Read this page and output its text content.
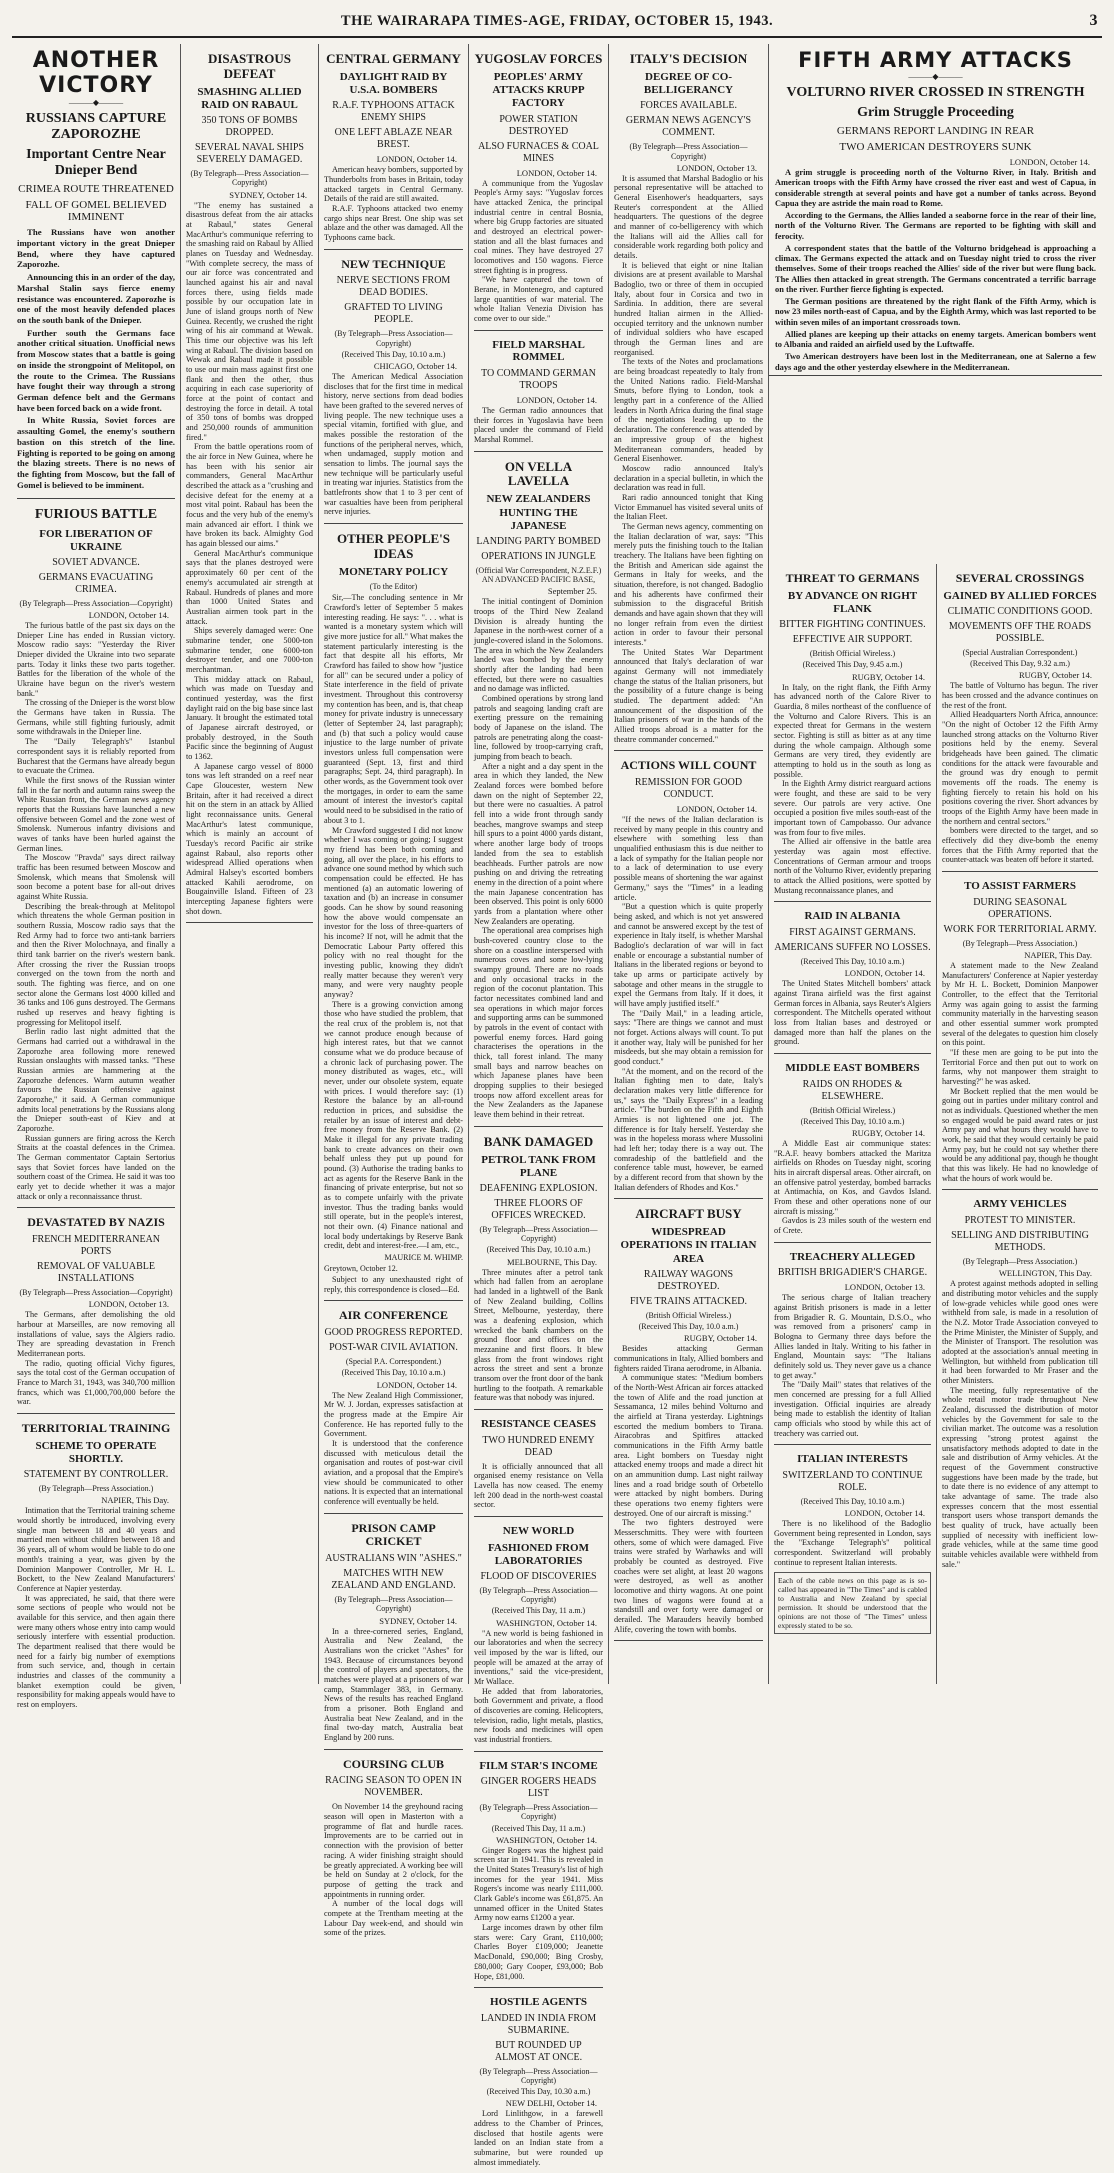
THE WAIRARAPA TIMES-AGE, FRIDAY, OCTOBER 15, 1943.	3
ANOTHER VICTORY
———◆———
RUSSIANS CAPTURE ZAPOROZHE
Important Centre Near Dnieper Bend
CRIMEA ROUTE THREATENED
FALL OF GOMEL BELIEVED IMMINENT

The Russians have won another important victory in the great Dnieper Bend, where they have captured Zaporozhe.

Announcing this in an order of the day, Marshal Stalin says fierce enemy resistance was encountered. Zaporozhe is one of the most heavily defended places on the south bank of the Dnieper.

Further south the Germans face another critical situation. Unofficial news from Moscow states that a battle is going on inside the strongpoint of Melitopol, on the route to the Crimea. The Russians have fought their way through a strong German defence belt and the Germans have been forced back on a wide front.

In White Russia, Soviet forces are assaulting Gomel, the enemy's southern bastion on this stretch of the line. Fighting is reported to be going on among the blazing streets. There is no news of the fighting from Moscow, but the fall of Gomel is believed to be imminent.

FURIOUS BATTLE
FOR LIBERATION OF UKRAINE
SOVIET ADVANCE.
GERMANS EVACUATING CRIMEA.
(By Telegraph—Press Association—Copyright)
LONDON, October 14.

The furious battle of the past six days on the Dnieper Line has ended in Russian victory. Moscow radio says: "Yesterday the River Dnieper divided the Ukraine into two separate parts. Today it links these two parts together. Battles for the liberation of the whole of the Ukraine have begun on the river's western bank."

The crossing of the Dnieper is the worst blow the Germans have taken in Russia. The Germans, while still fighting furiously, admit some withdrawals in the Dnieper line.

The "Daily Telegraph's" Istanbul correspondent says it is reliably reported from Bucharest that the Germans have already begun to evacuate the Crimea.

While the first snows of the Russian winter fall in the far north and autumn rains sweep the White Russian front, the German news agency reports that the Russians have launched a new offensive between Gomel and the zone west of Smolensk. Numerous infantry divisions and waves of tanks have been hurled against the German lines.

The Moscow "Pravda" says direct railway traffic has been resumed between Moscow and Smolensk, which means that Smolensk will soon become a potent base for all-out drives against White Russia.

Describing the break-through at Melitopol which threatens the whole German position in southern Russia, Moscow radio says that the Red Army had to force two anti-tank barriers and then the River Molochnaya, and finally a third tank barrier on the river's western bank. After crossing the river the Russian troops converged on the town from the north and south. The fighting was fierce, and on one sector alone the Germans lost 4000 killed and 36 tanks and 106 guns destroyed. The Germans rushed up reserves and heavy fighting is progressing for Melitopol itself.

Berlin radio last night admitted that the Germans had carried out a withdrawal in the Zaporozhe area following more renewed Russian onslaughts with massed tanks. "These Russian armies are hammering at the Zaporozhe defences. Warm autumn weather favours the Russian offensive against Zaporozhe," it said. A German communique admits local penetrations by the Russians along the Dnieper south-east of Kiev and at Zaporozhe.

Russian gunners are firing across the Kerch Straits at the coastal defences in the Crimea. The German commentator Captain Sertorius says that Soviet forces have landed on the southern coast of the Crimea. He said it was too early yet to decide whether it was a major attack or only a reconnaissance thrust.

DEVASTATED BY NAZIS
FRENCH MEDITERRANEAN PORTS
REMOVAL OF VALUABLE INSTALLATIONS
(By Telegraph—Press Association—Copyright)
LONDON, October 13.

The Germans, after demolishing the old harbour at Marseilles, are now removing all installations of value, says the Algiers radio. They are spreading devastation in French Mediterranean ports.

The radio, quoting official Vichy figures, says the total cost of the German occupation of France to March 31, 1943, was 340,700 million francs, which was £1,000,700,000 before the war.

TERRITORIAL TRAINING
SCHEME TO OPERATE SHORTLY.
STATEMENT BY CONTROLLER.
(By Telegraph—Press Association.)
NAPIER, This Day.

Intimation that the Territorial training scheme would shortly be introduced, involving every single man between 18 and 40 years and married men without children between 18 and 36 years, all of whom would be liable to do one month's training a year, was given by the Dominion Manpower Controller, Mr H. L. Bockett, to the New Zealand Manufacturers' Conference at Napier yesterday.

It was appreciated, he said, that there were some sections of people who would not be available for this service, and then again there were many others whose entry into camp would seriously interfere with essential production. The department realised that there would be need for a fairly big number of exemptions from such service, and, though in certain industries and classes of the community a blanket exemption could be given, responsibility for making appeals would have to rest on employers.

DISASTROUS DEFEAT
SMASHING ALLIED RAID ON RABAUL
350 TONS OF BOMBS DROPPED.
SEVERAL NAVAL SHIPS SEVERELY DAMAGED.
(By Telegraph—Press Association—Copyright)
SYDNEY, October 14.

"The enemy has sustained a disastrous defeat from the air attacks at Rabaul," states General MacArthur's communique referring to the smashing raid on Rabaul by Allied planes on Tuesday and Wednesday. "With complete secrecy, the mass of our air force was concentrated and launched against his air and naval forces there, using fields made possible by our occupation late in June of island groups north of New Guinea. Recently, we crushed the right wing of his air command at Wewak. This time our objective was his left wing at Rabaul. The division based on Wewak and Rabaul made it possible to use our main mass against first one flank and then the other, thus acquiring in each case superiority of force at the point of contact and destroying the force in detail. A total of 350 tons of bombs was dropped and 250,000 rounds of ammunition fired."

From the battle operations room of the air force in New Guinea, where he has been with his senior air commanders, General MacArthur described the attack as a "crushing and decisive defeat for the enemy at a most vital point. Rabaul has been the focus and the very hub of the enemy's main advanced air effort. I think we have broken its back. Almighty God has again blessed our aims."

General MacArthur's communique says that the planes destroyed were approximately 60 per cent of the enemy's accumulated air strength at Rabaul. Hundreds of planes and more than 1000 United States and Australian airmen took part in the attack.

Ships severely damaged were: One submarine tender, one 5000-ton submarine tender, one 6000-ton destroyer tender, and one 7000-ton merchantman.

This midday attack on Rabaul, which was made on Tuesday and continued yesterday, was the first daylight raid on the big base since last January. It brought the estimated total of Japanese aircraft destroyed, or probably destroyed, in the South Pacific since the beginning of August to 1362.

A Japanese cargo vessel of 8000 tons was left stranded on a reef near Cape Gloucester, western New Britain, after it had received a direct hit on the stern in an attack by Allied light reconnaissance units. General MacArthur's latest communique, which is mainly an account of Tuesday's record Pacific air strike against Rabaul, also reports other widespread Allied operations when Admiral Halsey's escorted bombers attacked Kahili aerodrome, on Bougainville Island. Fifteen of 23 intercepting Japanese fighters were shot down.

YUGOSLAV FORCES
PEOPLES' ARMY ATTACKS KRUPP FACTORY
POWER STATION DESTROYED
ALSO FURNACES & COAL MINES
LONDON, October 14.

A communique from the Yugoslav People's Army says: "Yugoslav forces have attacked Zenica, the principal industrial centre in central Bosnia, where big Grupp factories are situated and destroyed an electrical power-station and all the blast furnaces and coal mines. They have destroyed 27 locomotives and 150 wagons. Fierce street fighting is in progress.

"We have captured the town of Berane, in Montenegro, and captured large quantities of war material. The whole Italian Venezia Division has come over to our side."

FIELD MARSHAL ROMMEL
TO COMMAND GERMAN TROOPS
LONDON, October 14.

The German radio announces that their forces in Yugoslavia have been placed under the command of Field Marshal Rommel.

ON VELLA LAVELLA
NEW ZEALANDERS HUNTING THE JAPANESE
LANDING PARTY BOMBED
OPERATIONS IN JUNGLE
(Official War Correspondent, N.Z.E.F.) AN ADVANCED PACIFIC BASE,
September 25.

The initial contingent of Dominion troops of the Third New Zealand Division is already hunting the Japanese in the north-west corner of a jungle-covered island in the Solomons. The area in which the New Zealanders landed was bombed by the enemy shortly after the landing had been effected, but there were no casualties and no damage was inflicted.

Combined operations by strong land patrols and seagoing landing craft are exerting pressure on the remaining body of Japanese on the island. The patrols are penetrating along the coast-line, followed by troop-carrying craft, jumping from beach to beach.

After a night and a day spent in the area in which they landed, the New Zealand forces were bombed before dawn on the night of September 22, but there were no casualties. A patrol fell into a wide front through sandy beaches, mangrove swamps and steep hill spurs to a point 4000 yards distant, where another large body of troops landed from the sea to establish beachheads. Further patrols are now pushing on and driving the retreating enemy in the direction of a point where the main Japanese concentration has been observed. This point is only 6000 yards from a plantation where other New Zealanders are operating.

The operational area comprises high bush-covered country close to the shore on a coastline interspersed with numerous coves and some low-lying swampy ground. There are no roads and only occasional tracks in the region of the coconut plantation. This factor necessitates combined land and sea operations in which major forces and supporting arms can be summoned by patrols in the event of contact with powerful enemy forces. Hard going characterises the operations in the thick, tall forest inland. The many small bays and narrow beaches on which Japanese planes have been dropping supplies to their besieged troops now afford excellent areas for the New Zealanders as the Japanese leave them behind in their retreat.

BANK DAMAGED
PETROL TANK FROM PLANE
DEAFENING EXPLOSION.
THREE FLOORS OF OFFICES WRECKED.
(By Telegraph—Press Association—Copyright)
(Received This Day, 10.10 a.m.)
MELBOURNE, This Day.

Three minutes after a petrol tank which had fallen from an aeroplane had landed in a lightwell of the Bank of New Zealand building, Collins Street, Melbourne, yesterday, there was a deafening explosion, which wrecked the bank chambers on the ground floor and offices on the mezzanine and first floors. It blew glass from the front windows right across the street and sent a bronze transom over the front door of the bank hurtling to the footpath. A remarkable feature was that nobody was injured.

RESISTANCE CEASES
TWO HUNDRED ENEMY DEAD

It is officially announced that all organised enemy resistance on Vella Lavella has now ceased. The enemy left 200 dead in the north-west coastal sector.

NEW WORLD
FASHIONED FROM LABORATORIES
FLOOD OF DISCOVERIES
(By Telegraph—Press Association—Copyright)
(Received This Day, 11 a.m.)
WASHINGTON, October 14.

"A new world is being fashioned in our laboratories and when the secrecy veil imposed by the war is lifted, our people will be amazed at the array of inventions," said the vice-president, Mr Wallace.

He added that from laboratories, both Government and private, a flood of discoveries are coming. Helicopters, television, radio, light metals, plastics, new foods and medicines will open vast industrial frontiers.

FILM STAR'S INCOME
GINGER ROGERS HEADS LIST
(By Telegraph—Press Association—Copyright)
(Received This Day, 11 a.m.)
WASHINGTON, October 14.

Ginger Rogers was the highest paid screen star in 1941. This is revealed in the United States Treasury's list of high incomes for the year 1941. Miss Rogers's income was nearly £111,000. Clark Gable's income was £61,875. An unnamed officer in the United States Army now earns £1200 a year.

Large incomes drawn by other film stars were: Cary Grant, £110,000; Charles Boyer £109,000; Jeanette MacDonald, £90,000; Bing Crosby, £80,000; Gary Cooper, £93,000; Bob Hope, £81,000.

HOSTILE AGENTS
LANDED IN INDIA FROM SUBMARINE.
BUT ROUNDED UP ALMOST AT ONCE.
(By Telegraph—Press Association—Copyright)
(Received This Day, 10.30 a.m.)
NEW DELHI, October 14.

Lord Linlithgow, in a farewell address to the Chamber of Princes, disclosed that hostile agents were landed on an Indian state from a submarine, but were rounded up almost immediately.

ITALY'S DECISION
DEGREE OF CO-BELLIGERANCY
FORCES AVAILABLE.
GERMAN NEWS AGENCY'S COMMENT.
(By Telegraph—Press Association—Copyright)
LONDON, October 13.

It is assumed that Marshal Badoglio or his personal representative will be attached to General Eisenhower's headquarters, says Reuter's correspondent at the Allied headquarters. The questions of the degree and manner of co-belligerency with which the Italians will aid the Allies call for considerable work regarding both policy and details.

It is believed that eight or nine Italian divisions are at present available to Marshal Badoglio, two or three of them in occupied Italy, about four in Corsica and two in Sardinia. In addition, there are several hundred Italian airmen in the Allied-occupied territory and the unknown number of individual soldiers who have escaped through the German lines and are reorganised.

The texts of the Notes and proclamations are being broadcast repeatedly to Italy from the United Nations radio. Field-Marshal Smuts, before flying to London, took a lengthy part in a conference of the Allied leaders in North Africa during the final stage of the negotiations leading up to the declaration. The conference was attended by an impressive group of the highest Mediterranean commanders, headed by General Eisenhower.

Moscow radio announced Italy's declaration in a special bulletin, in which the declaration was read in full.

Rari radio announced tonight that King Victor Emmanuel has visited several units of the Italian Fleet.

The German news agency, commenting on the Italian declaration of war, says: "This merely puts the finishing touch to the Italian treachery. The Italians have been fighting on the British and American side against the Germans in Italy for weeks, and the situation, therefore, is not changed. Badoglio and his adherents have confirmed their submission to the disgraceful British demands and have again shown that they will no longer refrain from even the dirtiest action in order to favour their personal interests."

The United States War Department announced that Italy's declaration of war against Germany will not immediately change the status of the Italian prisoners, but the possibility of a future change is being studied. The department added: "An announcement of the disposition of the Italian prisoners of war in the hands of the Allied troops abroad is a matter for the theatre commander concerned."

ACTIONS WILL COUNT
REMISSION FOR GOOD CONDUCT.
LONDON, October 14.

"If the news of the Italian declaration is received by many people in this country and elsewhere with something less than unqualified enthusiasm this is due neither to a lack of sympathy for the Italian people nor to a lack of determination to use every possible means of shortening the war against Germany," says the "Times" in a leading article.

"But a question which is quite properly being asked, and which is not yet answered and cannot be answered except by the test of experience in Italy itself, is whether Marshal Badoglio's declaration of war will in fact enable or encourage a substantial number of Italians in the liberated regions or beyond to take up arms or participate actively by sabotage and other means in the struggle to expel the Germans from Italy. If it does, it will have amply justified itself."

The "Daily Mail," in a leading article, says: "There are things we cannot and must not forget. Actions always will count. To put it another way, Italy will be punished for her misdeeds, but she may obtain a remission for good conduct."

"At the moment, and on the record of the Italian fighting men to date, Italy's declaration makes very little difference for us," says the "Daily Express" in a leading article. "The burden on the Fifth and Eighth Armies is not lightened one jot. The difference is for Italy herself. Yesterday she was in the hopeless morass where Mussolini had left her; today there is a way out. The comradeship of the battlefield and the conference table must, however, be earned by a different record from that shown by the Italian defenders of Rhodes and Kos."

AIRCRAFT BUSY
WIDESPREAD OPERATIONS IN ITALIAN AREA
RAILWAY WAGONS DESTROYED.
FIVE TRAINS ATTACKED.
(British Official Wireless.)
(Received This Day, 10.0 a.m.)
RUGBY, October 14.

Besides attacking German communications in Italy, Allied bombers and fighters raided Tirana aerodrome, in Albania.

A communique states: "Medium bombers of the North-West African air forces attacked the town of Alife and the road junction at Sessamanca, 12 miles behind Volturno and the airfield at Tirana yesterday. Lightnings escorted the medium bombers to Tirana. Airacobras and Spitfires attacked communications in the Fifth Army battle area. Light bombers on Tuesday night attacked enemy troops and made a direct hit on an ammunition dump. Last night railway lines and a road bridge south of Orbetello were attacked by night bombers. During these operations two enemy fighters were destroyed. One of our aircraft is missing."

The two fighters destroyed were Messerschmitts. They were with fourteen others, some of which were damaged. Five trains were strafed by Warhawks and will probably be counted as destroyed. Five coaches were set alight, at least 20 wagons were destroyed, as well as another locomotive and thirty wagons. At one point two lines of wagons were found at a standstill and over forty were damaged or derailed. The Marauders heavily bombed Alife, covering the town with bombs.

CENTRAL GERMANY
DAYLIGHT RAID BY U.S.A. BOMBERS
R.A.F. TYPHOONS ATTACK ENEMY SHIPS
ONE LEFT ABLAZE NEAR BREST.
LONDON, October 14.

American heavy bombers, supported by Thunderbolts from bases in Britain, today attacked targets in Central Germany. Details of the raid are still awaited.

R.A.F. Typhoons attacked two enemy cargo ships near Brest. One ship was set ablaze and the other was damaged. All the Typhoons came back.

NEW TECHNIQUE
NERVE SECTIONS FROM DEAD BODIES.
GRAFTED TO LIVING PEOPLE.
(By Telegraph—Press Association—Copyright)
(Received This Day, 10.10 a.m.)
CHICAGO, October 14.

The American Medical Association discloses that for the first time in medical history, nerve sections from dead bodies have been grafted to the severed nerves of living people. The new technique uses a special vitamin, fortified with glue, and makes possible the restoration of the functions of the peripheral nerves, which, when undamaged, supply motion and sensation to limbs. The journal says the new technique will be particularly useful in treating war injuries. Statistics from the battlefronts show that 1 to 3 per cent of war casualties have been from peripheral nerve injuries.

OTHER PEOPLE'S IDEAS
MONETARY POLICY
(To the Editor)

Sir,—The concluding sentence in Mr Crawford's letter of September 5 makes interesting reading. He says: ". . . what is wanted is a monetary system which will give more justice for all." What makes the statement particularly interesting is the fact that despite all his efforts, Mr Crawford has failed to show how "justice for all" can be secured under a policy of State interference in the field of private investment. Throughout this controversy my contention has been, and is, that cheap money for private industry is unnecessary (letter of September 24, last paragraph); and (b) that such a policy would cause injustice to the large number of private investors unless full compensation were guaranteed (Sept. 13, first and third paragraphs; Sept. 24, third paragraph). In other words, as the Government took over the mortgages, in order to earn the same amount of interest the investor's capital would need to be subsidised in the ratio of about 3 to 1.

Mr Crawford suggested I did not know whether I was coming or going; I suggest my friend has been both coming and going, all over the place, in his efforts to advance one sound method by which such compensation could be effected. He has mentioned (a) an automatic lowering of taxation and (b) an increase in consumer goods. Can he show by sound reasoning how the above would compensate an investor for the loss of three-quarters of his income? If not, will he admit that the Democratic Labour Party offered this policy with no real thought for the investing public, knowing they didn't really matter because they weren't very many, and were very naughty people anyway?

There is a growing conviction among those who have studied the problem, that the real crux of the problem is, not that we cannot produce enough because of high interest rates, but that we cannot consume what we do produce because of a chronic lack of purchasing power. The money distributed as wages, etc., will never, under our obsolete system, equate with prices. I would therefore say: (1) Restore the balance by an all-round reduction in prices, and subsidise the retailer by an issue of interest and debt-free money from the Reserve Bank. (2) Make it illegal for any private trading bank to create advances on their own behalf unless they put up pound for pound. (3) Authorise the trading banks to act as agents for the Reserve Bank in the financing of private enterprise, but not so as to compete unfairly with the private investor. Thus the trading banks would still operate, but in the people's interest, not their own. (4) Finance national and local body undertakings by Reserve Bank credit, debt and interest-free.—I am, etc.,

MAURICE M. WHIMP.
Greytown, October 12.

Subject to any unexhausted right of reply, this correspondence is closed—Ed.

AIR CONFERENCE
GOOD PROGRESS REPORTED.
POST-WAR CIVIL AVIATION.
(Special P.A. Correspondent.)
(Received This Day, 10.10 a.m.)
LONDON, October 14.

The New Zealand High Commissioner, Mr W. J. Jordan, expresses satisfaction at the progress made at the Empire Air Conference. He has reported fully to the Government.

It is understood that the conference discussed with meticulous detail the organisation and routes of post-war civil aviation, and a proposal that the Empire's view should be communicated to other nations. It is expected that an international conference will eventually be held.

PRISON CAMP CRICKET
AUSTRALIANS WIN "ASHES."
MATCHES WITH NEW ZEALAND AND ENGLAND.
(By Telegraph—Press Association—Copyright)
SYDNEY, October 14.

In a three-cornered series, England, Australia and New Zealand, the Australians won the cricket "Ashes" for 1943. Because of circumstances beyond the control of players and spectators, the matches were played at a prisoners of war camp, Stammlager 383, in Germany. News of the results has reached England from a prisoner. Both England and Australia beat New Zealand, and in the final two-day match, Australia beat England by 200 runs.

COURSING CLUB
RACING SEASON TO OPEN IN NOVEMBER.

On November 14 the greyhound racing season will open in Masterton with a programme of flat and hurdle races. Improvements are to be carried out in connection with the provision of better racing. A wider finishing straight should be greatly appreciated. A working bee will be held on Sunday at 2 o'clock, for the purpose of getting the track and appointments in running order.

A number of the local dogs will compete at the Trentham meeting at the Labour Day week-end, and should win some of the prizes.

FIFTH ARMY ATTACKS
———◆———
VOLTURNO RIVER CROSSED IN STRENGTH
Grim Struggle Proceeding
GERMANS REPORT LANDING IN REAR
TWO AMERICAN DESTROYERS SUNK
LONDON, October 14.

A grim struggle is proceeding north of the Volturno River, in Italy. British and American troops with the Fifth Army have crossed the river east and west of Capua, in considerable strength at several points and have got a number of tanks across. Beyond Capua they are astride the main road to Rome.

According to the Germans, the Allies landed a seaborne force in the rear of their line, north of the Volturno River. The Germans are reported to be fighting with skill and ferocity.

A correspondent states that the battle of the Volturno bridgehead is approaching a climax. The Germans expected the attack and on Tuesday night tried to cross the river themselves. Some of their troops reached the Allies' side of the river but were flung back. The Allies then attacked in great strength. The Germans concentrated a terrific barrage on the river. Further fierce fighting is expected.

The German positions are threatened by the right flank of the Fifth Army, which is now 23 miles north-east of Capua, and by the Eighth Army, which was last reported to be within seven miles of an important crossroads town.

Allied planes are keeping up their attacks on enemy targets. American bombers went to Albania and raided an airfield used by the Luftwaffe.

Two American destroyers have been lost in the Mediterranean, one at Salerno a few days ago and the other yesterday elsewhere in the Mediterranean.

THREAT TO GERMANS
BY ADVANCE ON RIGHT FLANK
BITTER FIGHTING CONTINUES.
EFFECTIVE AIR SUPPORT.
(British Official Wireless.)
(Received This Day, 9.45 a.m.)
RUGBY, October 14.

In Italy, on the right flank, the Fifth Army has advanced north of the Calore River to Guardia, 8 miles northeast of the confluence of the Volturno and Calore Rivers. This is an expected threat for Germans in the western sector. Fighting is still as bitter as at any time during the whole campaign. Although some Germans are very tired, they evidently are attempting to hold us in the south as long as possible.

In the Eighth Army district rearguard actions were fought, and these are said to be very severe. Our patrols are very active. One occupied a position five miles south-east of the important town of Campobasso. Our advance was from four to five miles.

The Allied air offensive in the battle area yesterday was again most effective. Concentrations of German armour and troops north of the Volturno River, evidently preparing to attack the Allied positions, were spotted by Mustang reconnaissance planes, and

RAID IN ALBANIA
FIRST AGAINST GERMANS.
AMERICANS SUFFER NO LOSSES.
(Received This Day, 10.10 a.m.)
LONDON, October 14.

The United States Mitchell bombers' attack against Tirana airfield was the first against German forces in Albania, says Reuter's Algiers correspondent. The Mitchells operated without loss from Italian bases and destroyed or damaged more than half the planes on the ground.

MIDDLE EAST BOMBERS
RAIDS ON RHODES & ELSEWHERE.
(British Official Wireless.)
(Received This Day, 10.10 a.m.)
RUGBY, October 14.

A Middle East air communique states: "R.A.F. heavy bombers attacked the Maritza airfields on Rhodes on Tuesday night, scoring hits in aircraft dispersal areas. Other aircraft, on an offensive patrol yesterday, bombed barracks at Antimachia, on Kos, and Gavdos Island. From these and other operations none of our aircraft is missing."

Gavdos is 23 miles south of the western end of Crete.

TREACHERY ALLEGED
BRITISH BRIGADIER'S CHARGE.
LONDON, October 13.

The serious charge of Italian treachery against British prisoners is made in a letter from Brigadier R. G. Mountain, D.S.O., who was removed from a prisoners' camp in Bologna to Germany three days before the Allies landed in Italy. Writing to his father in England, Mountain says: "The Italians definitely sold us. They never gave us a chance to get away."

The "Daily Mail" states that relatives of the men concerned are pressing for a full Allied investigation. Official inquiries are already being made to establish the identity of Italian camp officials who stood by while this act of treachery was carried out.

ITALIAN INTERESTS
SWITZERLAND TO CONTINUE ROLE.
(Received This Day, 10.10 a.m.)
LONDON, October 14.

There is no likelihood of the Badoglio Government being represented in London, says the "Exchange Telegraph's" political correspondent. Switzerland will probably continue to represent Italian interests.

Each of the cable news on this page as is so-called has appeared in "The Times" and is cabled to Australia and New Zealand by special permission. It should be understood that the opinions are not those of "The Times" unless expressly stated to be so.
SEVERAL CROSSINGS
GAINED BY ALLIED FORCES
CLIMATIC CONDITIONS GOOD.
MOVEMENTS OFF THE ROADS POSSIBLE.
(Special Australian Correspondent.)
(Received This Day, 9.32 a.m.)
RUGBY, October 14.

The battle of Volturno has begun. The river has been crossed and the advance continues on the rest of the front.

Allied Headquarters North Africa, announce: "On the night of October 12 the Fifth Army launched strong attacks on the Volturno River positions held by the enemy. Several bridgeheads have been gained. The climatic conditions for the attack were favourable and the ground was dry enough to permit movements off the roads. The enemy is fighting fiercely to retain his hold on his positions covering the river. Short advances by troops of the Eighth Army have been made in the northern and central sectors."

bombers were directed to the target, and so effectively did they dive-bomb the enemy forces that the Fifth Army reported that the counter-attack was beaten off before it started.

TO ASSIST FARMERS
DURING SEASONAL OPERATIONS.
WORK FOR TERRITORIAL ARMY.
(By Telegraph—Press Association.)
NAPIER, This Day.

A statement made to the New Zealand Manufacturers' Conference at Napier yesterday by Mr H. L. Bockett, Dominion Manpower Controller, to the effect that the Territorial Army was again going to assist the farming community materially in the harvesting season and other essential summer work prompted several of the delegates to question him closely on this point.

"If these men are going to be put into the Territorial Force and then put out to work on farms, why not manpower them straight to harvesting?" he was asked.

Mr Bockett replied that the men would be going out in parties under military control and not as individuals. Questioned whether the men so engaged would be paid award rates or just Army pay and what hours they would have to work, he said that they would certainly be paid Army pay, but he could not say whether there would be any additional pay, though he thought that this was likely. He had no knowledge of what the hours of work would be.

ARMY VEHICLES
PROTEST TO MINISTER.
SELLING AND DISTRIBUTING METHODS.
(By Telegraph—Press Association.)
WELLINGTON, This Day.

A protest against methods adopted in selling and distributing motor vehicles and the supply of low-grade vehicles while good ones were withheld from sale, is made in a resolution of the N.Z. Motor Trade Association conveyed to the Prime Minister, the Minister of Supply, and the Minister of Transport. The resolution was adopted at the association's annual meeting in Wellington, but withheld from publication till it had been forwarded to Mr Fraser and the other Ministers.

The meeting, fully representative of the whole retail motor trade throughout New Zealand, discussed the distribution of motor vehicles by the Government for sale to the civilian market. The outcome was a resolution expressing "strong protest against the unsatisfactory methods adopted to date in the sale and distribution of Army vehicles. At the request of the Government constructive suggestions have been made by the trade, but to date there is no evidence of any attempt to take advantage of same. The trade also expresses concern that the most essential transport users whose transport demands the best quality of truck, have actually been supplied of necessity with inefficient low-grade vehicles, while at the same time good suitable vehicles available were withheld from sale."
